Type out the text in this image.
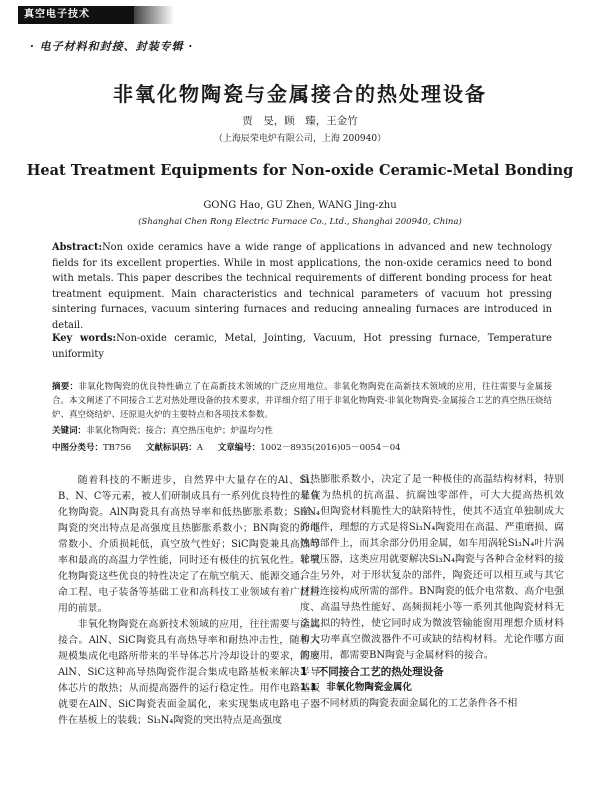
真空电子技术
· 电子材料和封接、封装专辑 ·
非氧化物陶瓷与金属接合的热处理设备
贾　旻，顾　臻，王金竹
（上海辰荣电炉有限公司，上海 200940）
Heat Treatment Equipments for Non-oxide Ceramic-Metal Bonding
GONG Hao, GU Zhen, WANG Jing-zhu
(Shanghai Chen Rong Electric Furnace Co., Ltd., Shanghai 200940, China)
Abstract:Non oxide ceramics have a wide range of applications in advanced and new technology fields for its excellent properties. While in most applications, the non-oxide ceramics need to bond with metals. This paper describes the technical requirements of different bonding process for heat treatment equipment. Main characteristics and technical parameters of vacuum hot pressing sintering furnaces, vacuum sintering furnaces and reducing annealing furnaces are introduced in detail.
Key words:Non-oxide ceramic, Metal, Jointing, Vacuum, Hot pressing furnace, Temperature uniformity
摘要：非氧化物陶瓷的优良特性确立了在高新技术领域的广泛应用地位。非氧化物陶瓷在高新技术领域的应用，往往需要与金属接合。本文阐述了不同接合工艺对热处理设备的技术要求，并详细介绍了用于非氧化物陶瓷-非氧化物陶瓷-金属接合工艺的真空热压烧结炉、真空烧结炉、还原退火炉的主要特点和各项技术参数。
关键词：非氧化物陶瓷；接合；真空热压电炉；炉温均匀性
中图分类号：TB756 文献标识码：A 文章编号：1002－8935(2016)05－0054－04

随着科技的不断进步，自然界中大量存在的Al、Si、B、N、C等元素，被人们研制成具有一系列优良特性的非氧化物陶瓷。AlN陶瓷具有高热导率和低热膨胀系数；Si₃N₄陶瓷的突出特点是高强度且热膨胀系数小；BN陶瓷的介电常数小、介质损耗低，真空放气性好；SiC陶瓷兼具高热导率和最高的高温力学性能，同时还有极佳的抗氧化性。非氧化物陶瓷这些优良的特性决定了在航空航天、能源交通、生命工程、电子装备等基础工业和高科技工业领域有着广泛应用的前景。

非氧化物陶瓷在高新技术领域的应用，往往需要与金属接合。AlN、SiC陶瓷具有高热导率和耐热冲击性，随着大规模集成化电路所带来的半导体芯片冷却设计的要求，需要AlN、SiC这种高导热陶瓷作混合集成电路基板来解决半导体芯片的散热；从而提高器件的运行稳定性。用作电路基板就要在AlN、SiC陶瓷表面金属化，来实现集成电路电子器件在基板上的装载；Si₃N₄陶瓷的突出特点是高强度

且热膨胀系数小，决定了是一种极佳的高温结构材料，特别是作为热机的抗高温、抗腐蚀零部件，可大大提高热机效率。但陶瓷材料脆性大的缺陷特性，使其不适宜单独制成大的部件，理想的方式是将Si₃N₄陶瓷用在高温、严重磨损、腐蚀的部件上，而其余部分仍用金属，如车用涡轮Si₃N₄叶片涡轮增压器，这类应用就要解决Si₃N₄陶瓷与各种合金材料的接合。另外，对于形状复杂的部件，陶瓷还可以相互或与其它材料连接构成所需的部件。BN陶瓷的低介电常数、高介电强度、高温导热性能好、高频损耗小等一系列其他陶瓷材料无法比拟的特性，使它同时成为微波管输能窗用理想介质材料和大功率真空微波器件不可或缺的结构材料。尤论作哪方面的应用，都需要BN陶瓷与金属材料的接合。

1　不同接合工艺的热处理设备

1.1　非氧化物陶瓷金属化

不同材质的陶瓷表面金属化的工艺条件各不相
